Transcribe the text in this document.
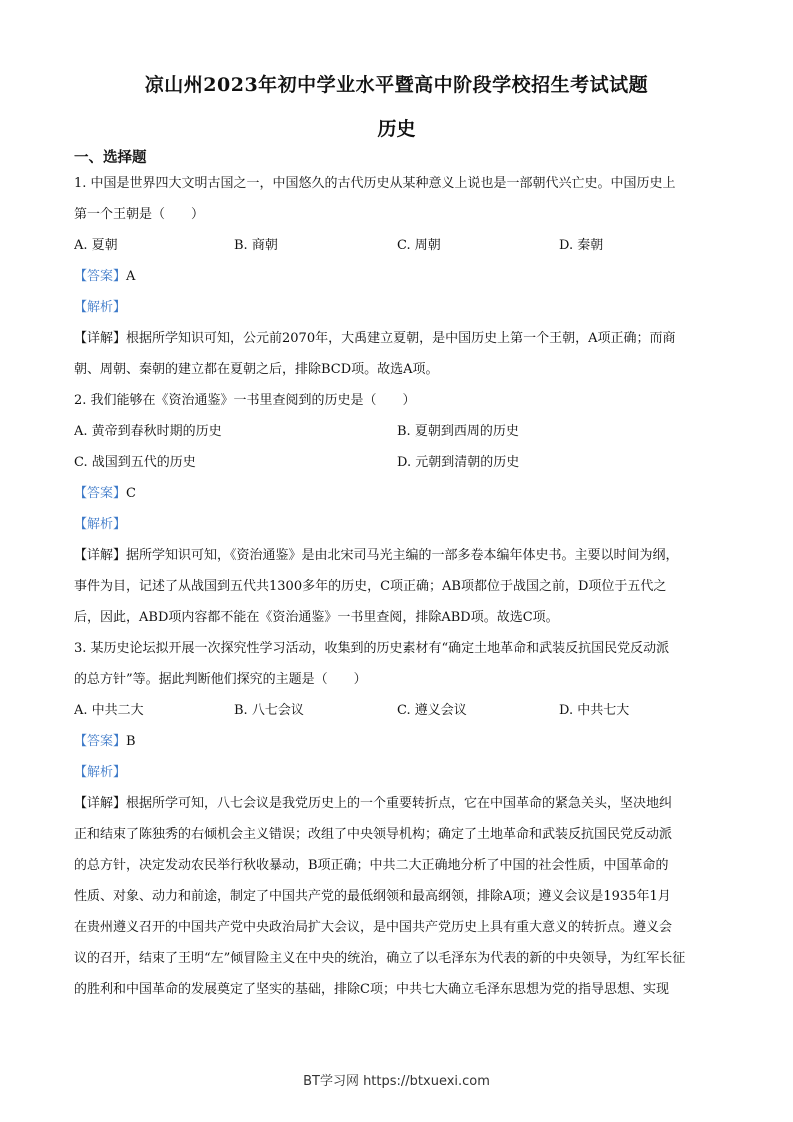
凉山州2023年初中学业水平暨高中阶段学校招生考试试题
历史
一、选择题
1. 中国是世界四大文明古国之一，中国悠久的古代历史从某种意义上说也是一部朝代兴亡史。中国历史上
第一个王朝是（　　）
A. 夏朝	B. 商朝	C. 周朝	D. 秦朝
【答案】A
【解析】
【详解】根据所学知识可知，公元前2070年，大禹建立夏朝，是中国历史上第一个王朝，A项正确；而商
朝、周朝、秦朝的建立都在夏朝之后，排除BCD项。故选A项。
2. 我们能够在《资治通鉴》一书里查阅到的历史是（　　）
A. 黄帝到春秋时期的历史	B. 夏朝到西周的历史
C. 战国到五代的历史	D. 元朝到清朝的历史
【答案】C
【解析】
【详解】据所学知识可知，《资治通鉴》是由北宋司马光主编的一部多卷本编年体史书。主要以时间为纲，
事件为目，记述了从战国到五代共1300多年的历史，C项正确；AB项都位于战国之前，D项位于五代之
后，因此，ABD项内容都不能在《资治通鉴》一书里查阅，排除ABD项。故选C项。
3. 某历史论坛拟开展一次探究性学习活动，收集到的历史素材有“确定土地革命和武装反抗国民党反动派
的总方针”等。据此判断他们探究的主题是（　　）
A. 中共二大	B. 八七会议	C. 遵义会议	D. 中共七大
【答案】B
【解析】
【详解】根据所学可知，八七会议是我党历史上的一个重要转折点，它在中国革命的紧急关头，坚决地纠
正和结束了陈独秀的右倾机会主义错误；改组了中央领导机构；确定了土地革命和武装反抗国民党反动派
的总方针，决定发动农民举行秋收暴动，B项正确；中共二大正确地分析了中国的社会性质，中国革命的
性质、对象、动力和前途，制定了中国共产党的最低纲领和最高纲领，排除A项；遵义会议是1935年1月
在贵州遵义召开的中国共产党中央政治局扩大会议，是中国共产党历史上具有重大意义的转折点。遵义会
议的召开，结束了王明“左”倾冒险主义在中央的统治，确立了以毛泽东为代表的新的中央领导，为红军长征
的胜利和中国革命的发展奠定了坚实的基础，排除C项；中共七大确立毛泽东思想为党的指导思想、实现
BT学习网 https://btxuexi.com
